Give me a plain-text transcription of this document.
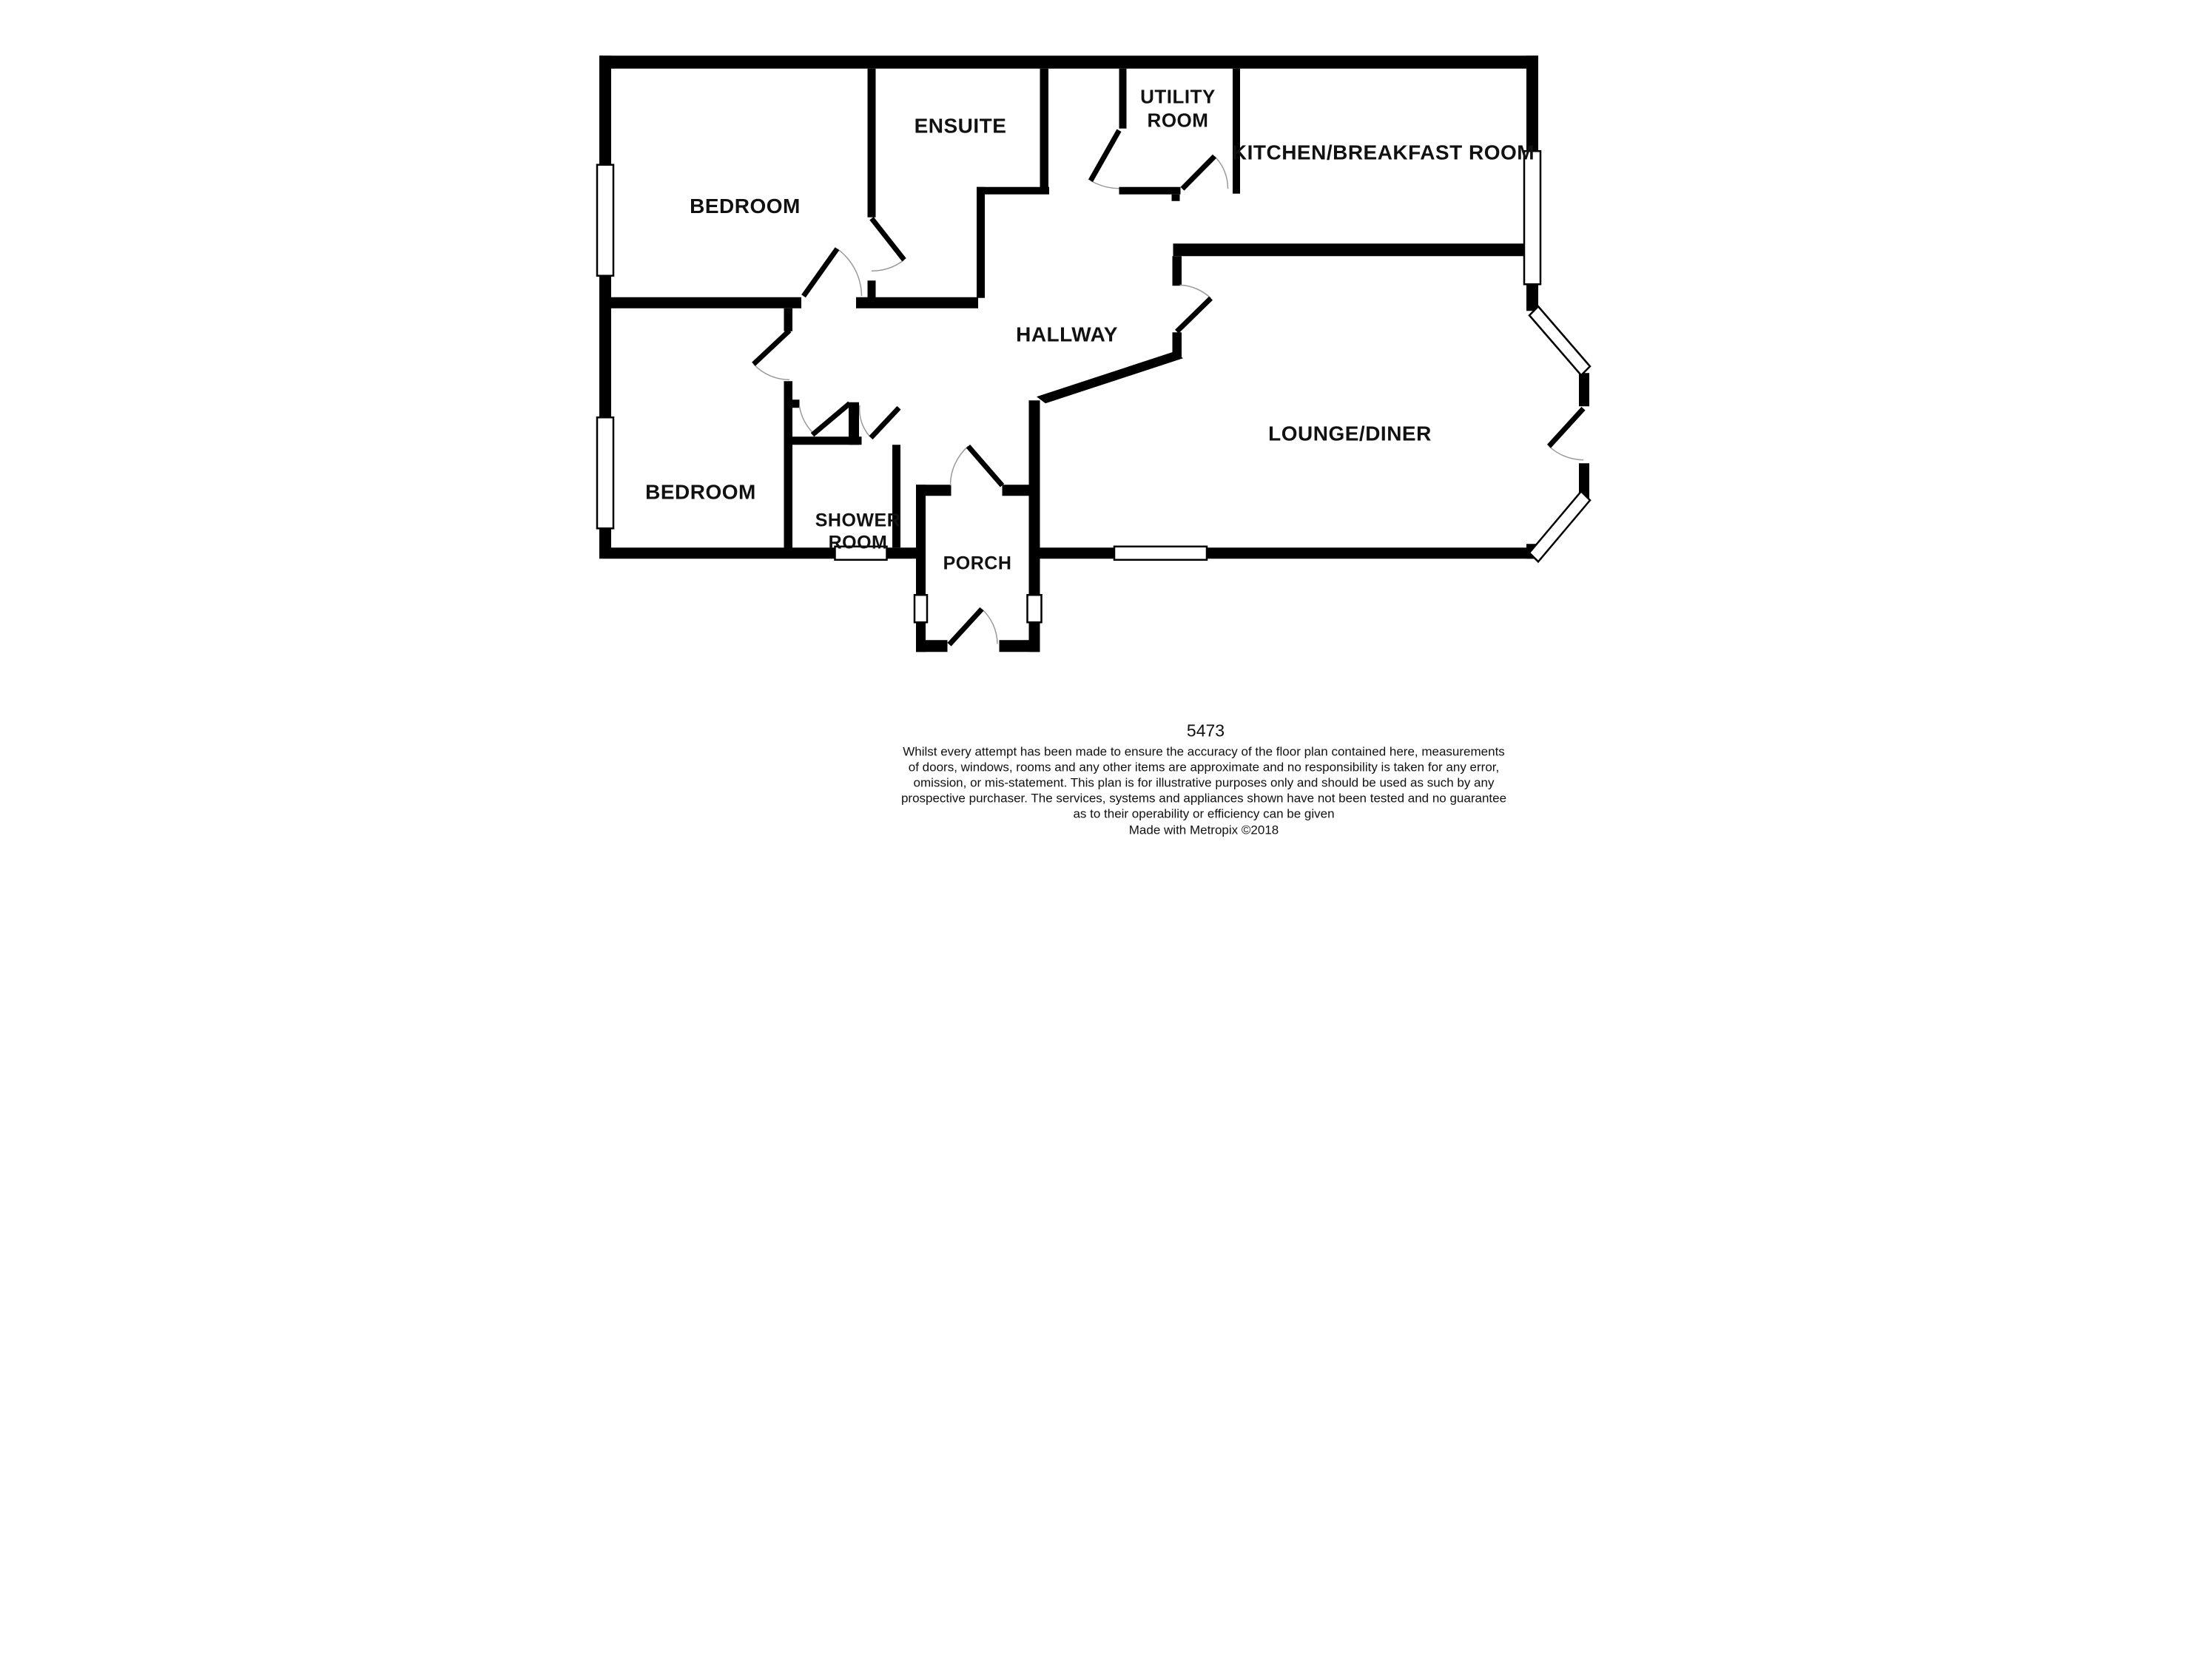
BEDROOM
ENSUITE
UTILITY
ROOM
KITCHEN/BREAKFAST ROOM
HALLWAY
BEDROOM
SHOWER
ROOM
PORCH
LOUNGE/DINER
5473
Whilst every attempt has been made to ensure the accuracy of the floor plan contained here, measurements
of doors, windows, rooms and any other items are approximate and no responsibility is taken for any error,
omission, or mis-statement. This plan is for illustrative purposes only and should be used as such by any
prospective purchaser. The services, systems and appliances shown have not been tested and no guarantee
as to their operability or efficiency can be given
Made with Metropix ©2018
